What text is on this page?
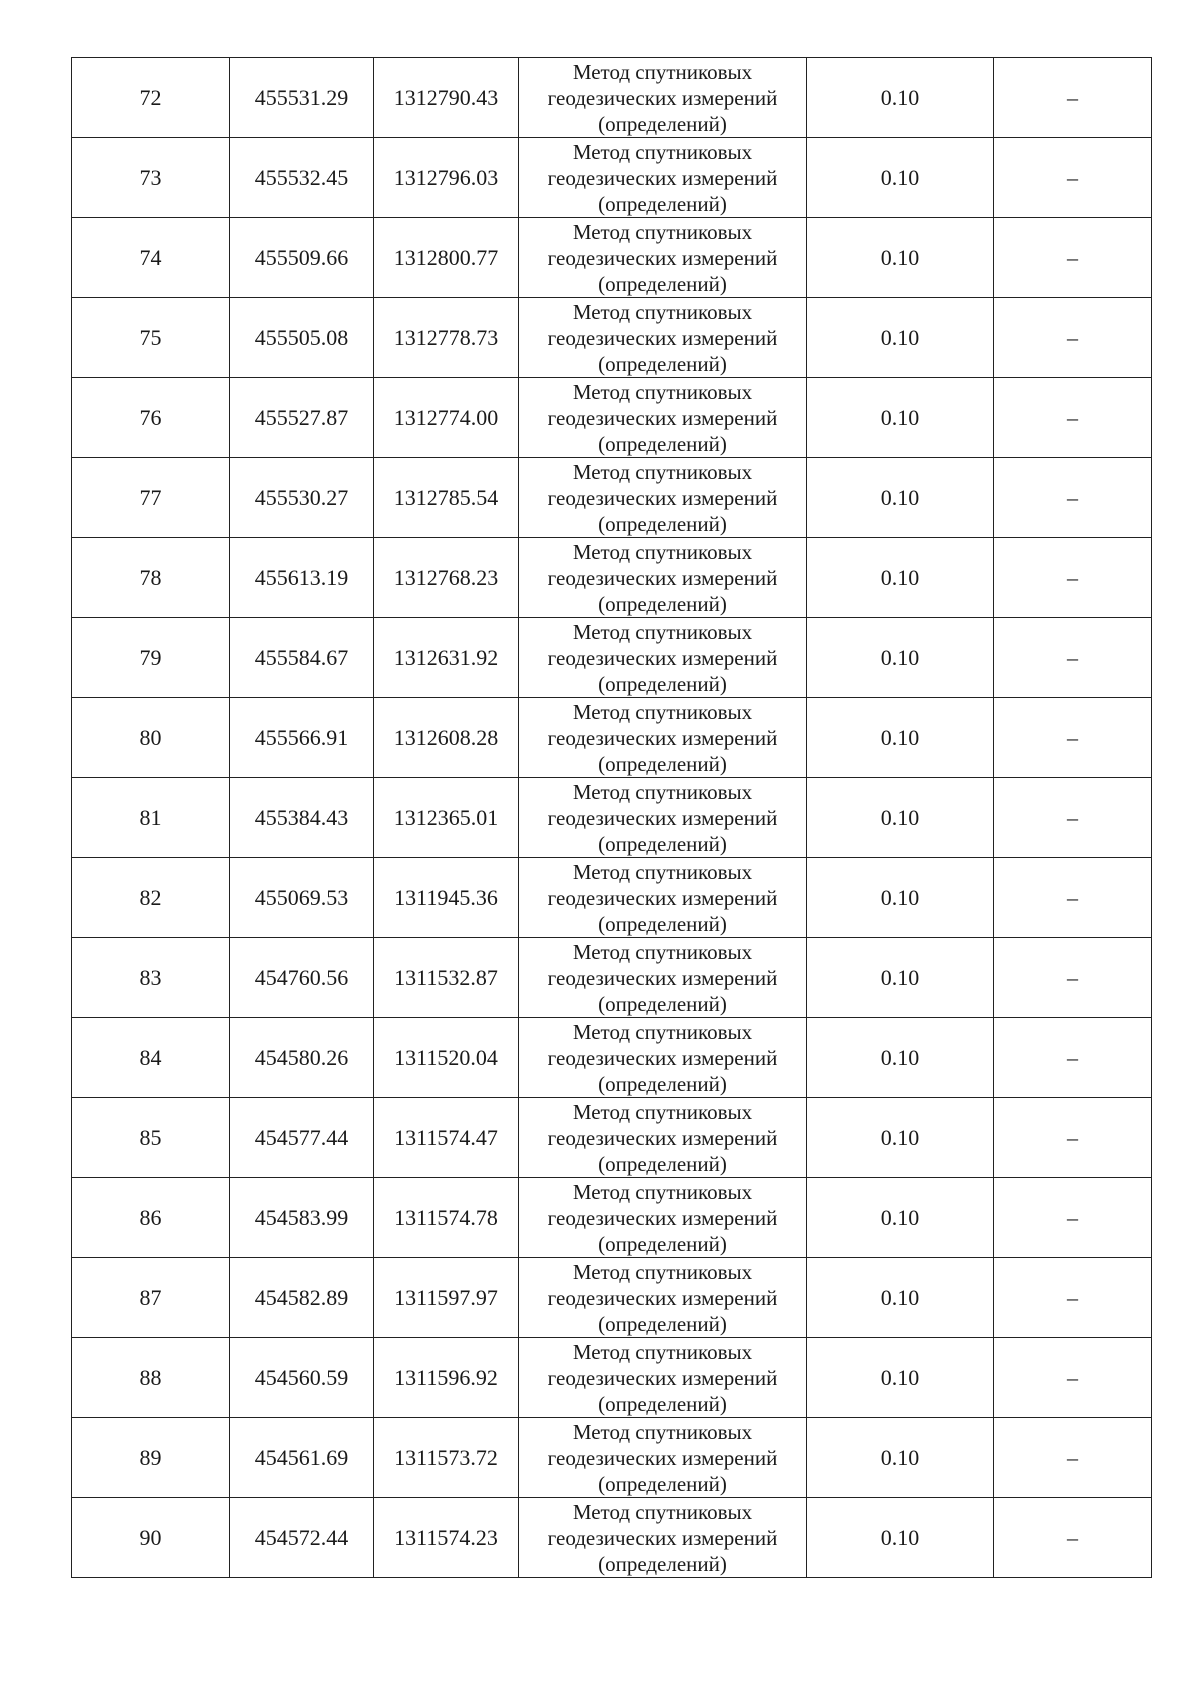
72	455531.29	1312790.43	Метод спутниковых
геодезических измерений
(определений)	0.10	–
73	455532.45	1312796.03	Метод спутниковых
геодезических измерений
(определений)	0.10	–
74	455509.66	1312800.77	Метод спутниковых
геодезических измерений
(определений)	0.10	–
75	455505.08	1312778.73	Метод спутниковых
геодезических измерений
(определений)	0.10	–
76	455527.87	1312774.00	Метод спутниковых
геодезических измерений
(определений)	0.10	–
77	455530.27	1312785.54	Метод спутниковых
геодезических измерений
(определений)	0.10	–
78	455613.19	1312768.23	Метод спутниковых
геодезических измерений
(определений)	0.10	–
79	455584.67	1312631.92	Метод спутниковых
геодезических измерений
(определений)	0.10	–
80	455566.91	1312608.28	Метод спутниковых
геодезических измерений
(определений)	0.10	–
81	455384.43	1312365.01	Метод спутниковых
геодезических измерений
(определений)	0.10	–
82	455069.53	1311945.36	Метод спутниковых
геодезических измерений
(определений)	0.10	–
83	454760.56	1311532.87	Метод спутниковых
геодезических измерений
(определений)	0.10	–
84	454580.26	1311520.04	Метод спутниковых
геодезических измерений
(определений)	0.10	–
85	454577.44	1311574.47	Метод спутниковых
геодезических измерений
(определений)	0.10	–
86	454583.99	1311574.78	Метод спутниковых
геодезических измерений
(определений)	0.10	–
87	454582.89	1311597.97	Метод спутниковых
геодезических измерений
(определений)	0.10	–
88	454560.59	1311596.92	Метод спутниковых
геодезических измерений
(определений)	0.10	–
89	454561.69	1311573.72	Метод спутниковых
геодезических измерений
(определений)	0.10	–
90	454572.44	1311574.23	Метод спутниковых
геодезических измерений
(определений)	0.10	–
